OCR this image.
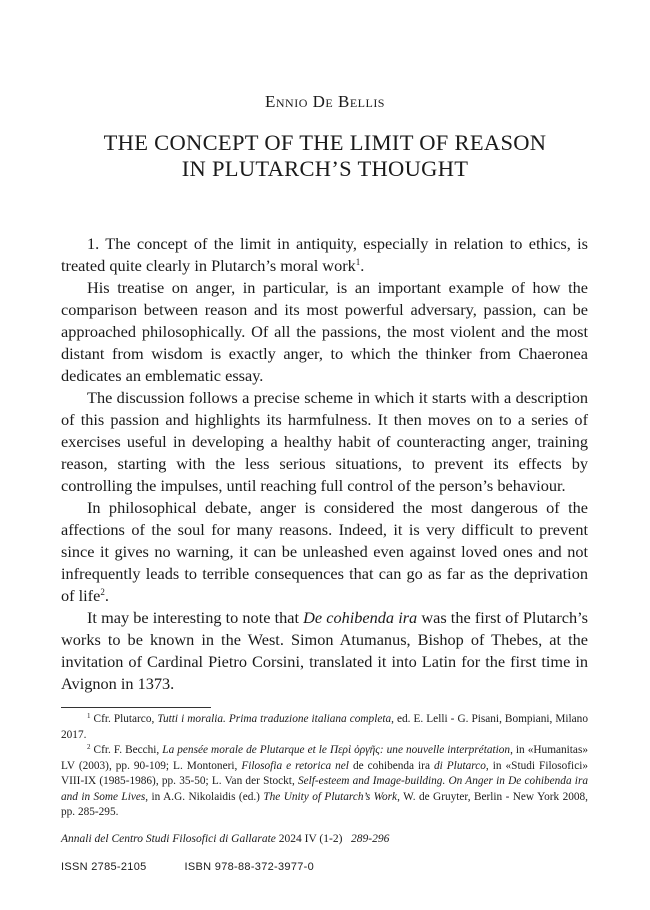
Ennio De Bellis
THE CONCEPT OF THE LIMIT OF REASON
IN PLUTARCH’S THOUGHT

1. The concept of the limit in antiquity, especially in relation to ethics, is treated quite clearly in Plutarch’s moral work$^1$.

His treatise on anger, in particular, is an important example of how the comparison between reason and its most powerful adversary, passion, can be approached philosophically. Of all the passions, the most violent and the most distant from wisdom is exactly anger, to which the thinker from Chaeronea dedicates an emblematic essay.

The discussion follows a precise scheme in which it starts with a description of this passion and highlights its harmfulness. It then moves on to a series of exercises useful in developing a healthy habit of counteracting anger, training reason, starting with the less serious situations, to prevent its effects by controlling the impulses, until reaching full control of the person’s behaviour.

In philosophical debate, anger is considered the most dangerous of the affections of the soul for many reasons. Indeed, it is very difficult to prevent since it gives no warning, it can be unleashed even against loved ones and not infrequently leads to terrible consequences that can go as far as the deprivation of life$^2$.

It may be interesting to note that De cohibenda ira was the first of Plutarch’s works to be known in the West. Simon Atumanus, Bishop of Thebes, at the invitation of Cardinal Pietro Corsini, translated it into Latin for the first time in Avignon in 1373.

$^1$ Cfr. Plutarco, Tutti i moralia. Prima traduzione italiana completa, ed. E. Lelli - G. Pisani, Bompiani, Milano 2017.

$^2$ Cfr. F. Becchi, La pensée morale de Plutarque et le Περὶ ὀργῆς: une nouvelle interprétation, in «Humanitas» LV (2003), pp. 90-109; L. Montoneri, Filosofia e retorica nel de cohibenda ira di Plutarco, in «Studi Filosofici» VIII-IX (1985-1986), pp. 35-50; L. Van der Stockt, Self-esteem and Image-building. On Anger in De cohibenda ira and in Some Lives, in A.G. Nikolaidis (ed.) The Unity of Plutarch’s Work, W. de Gruyter, Berlin - New York 2008, pp. 285-295.

Annali del Centro Studi Filosofici di Gallarate 2024 IV (1-2) 289-296
ISSN 2785-2105	ISBN 978-88-372-3977-0
